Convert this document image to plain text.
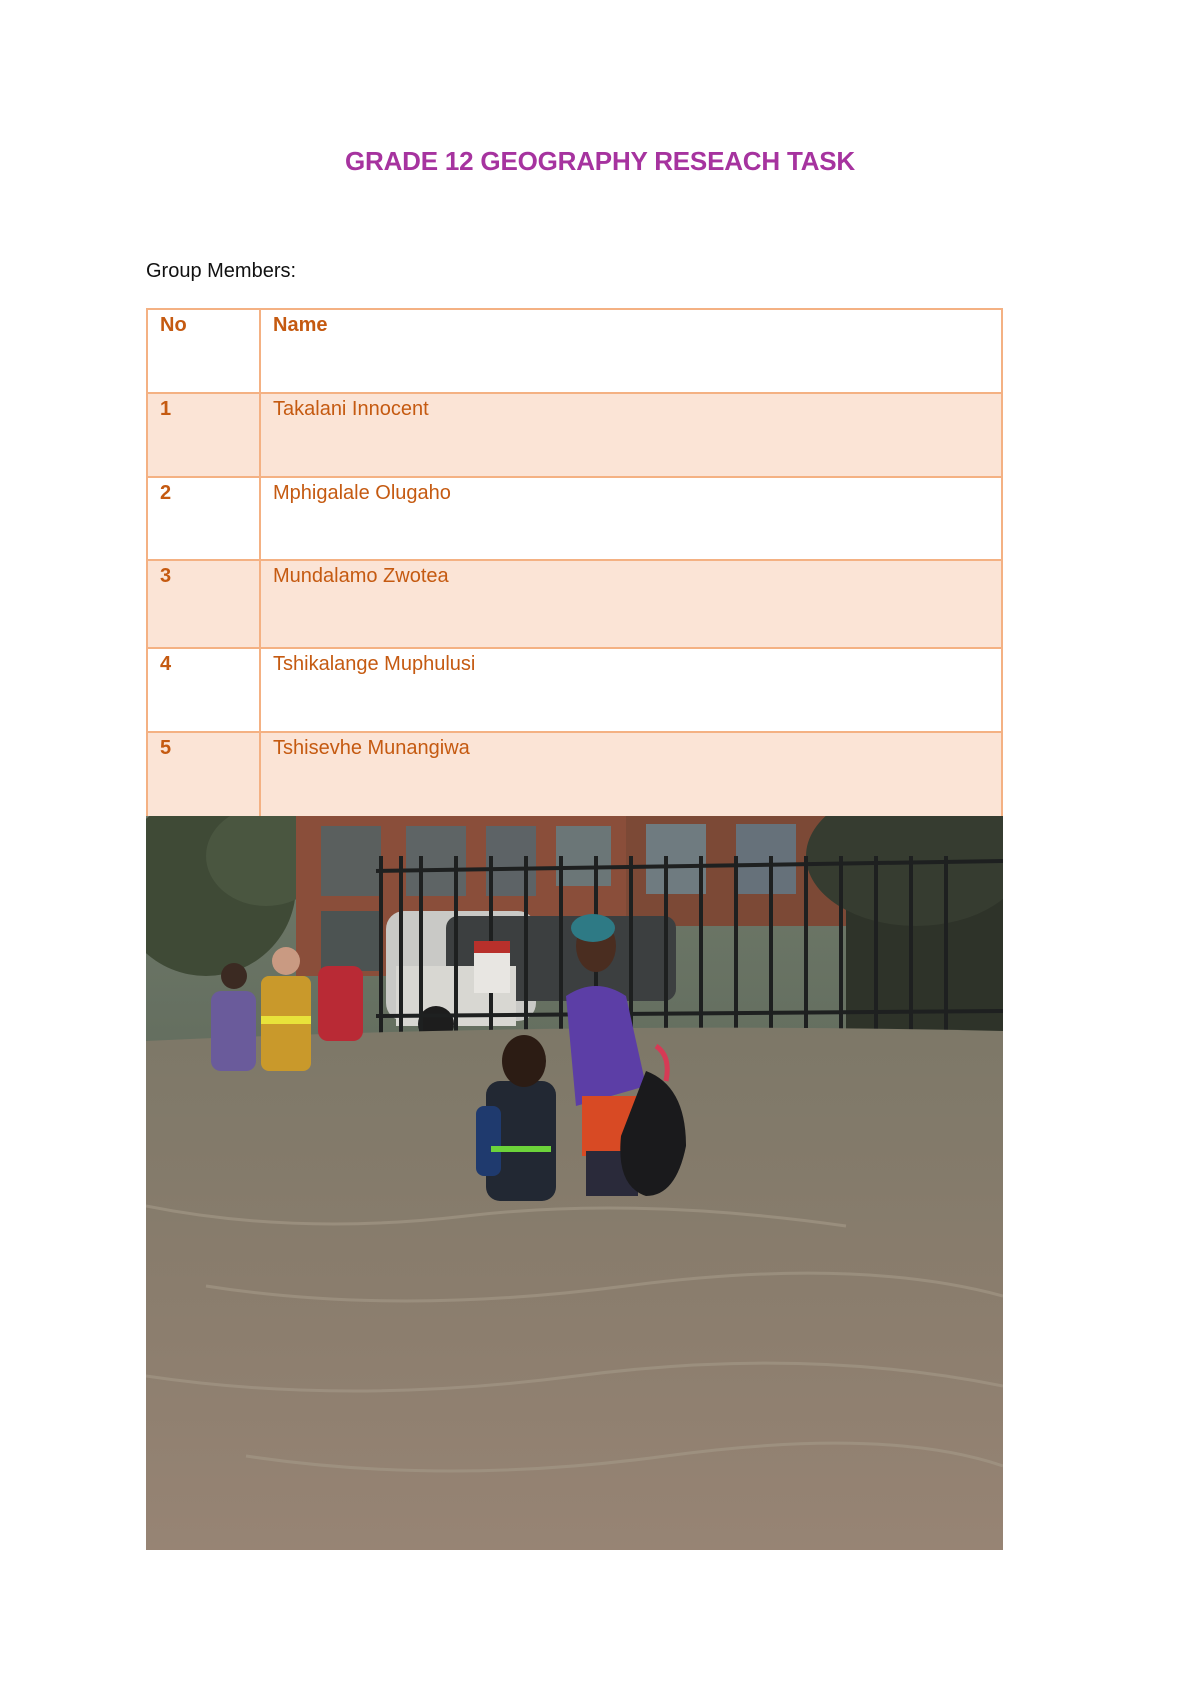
GRADE 12 GEOGRAPHY RESEACH TASK
Group Members:
No	Name
1	Takalani Innocent
2	Mphigalale Olugaho
3	Mundalamo Zwotea
4	Tshikalange Muphulusi
5	Tshisevhe Munangiwa
